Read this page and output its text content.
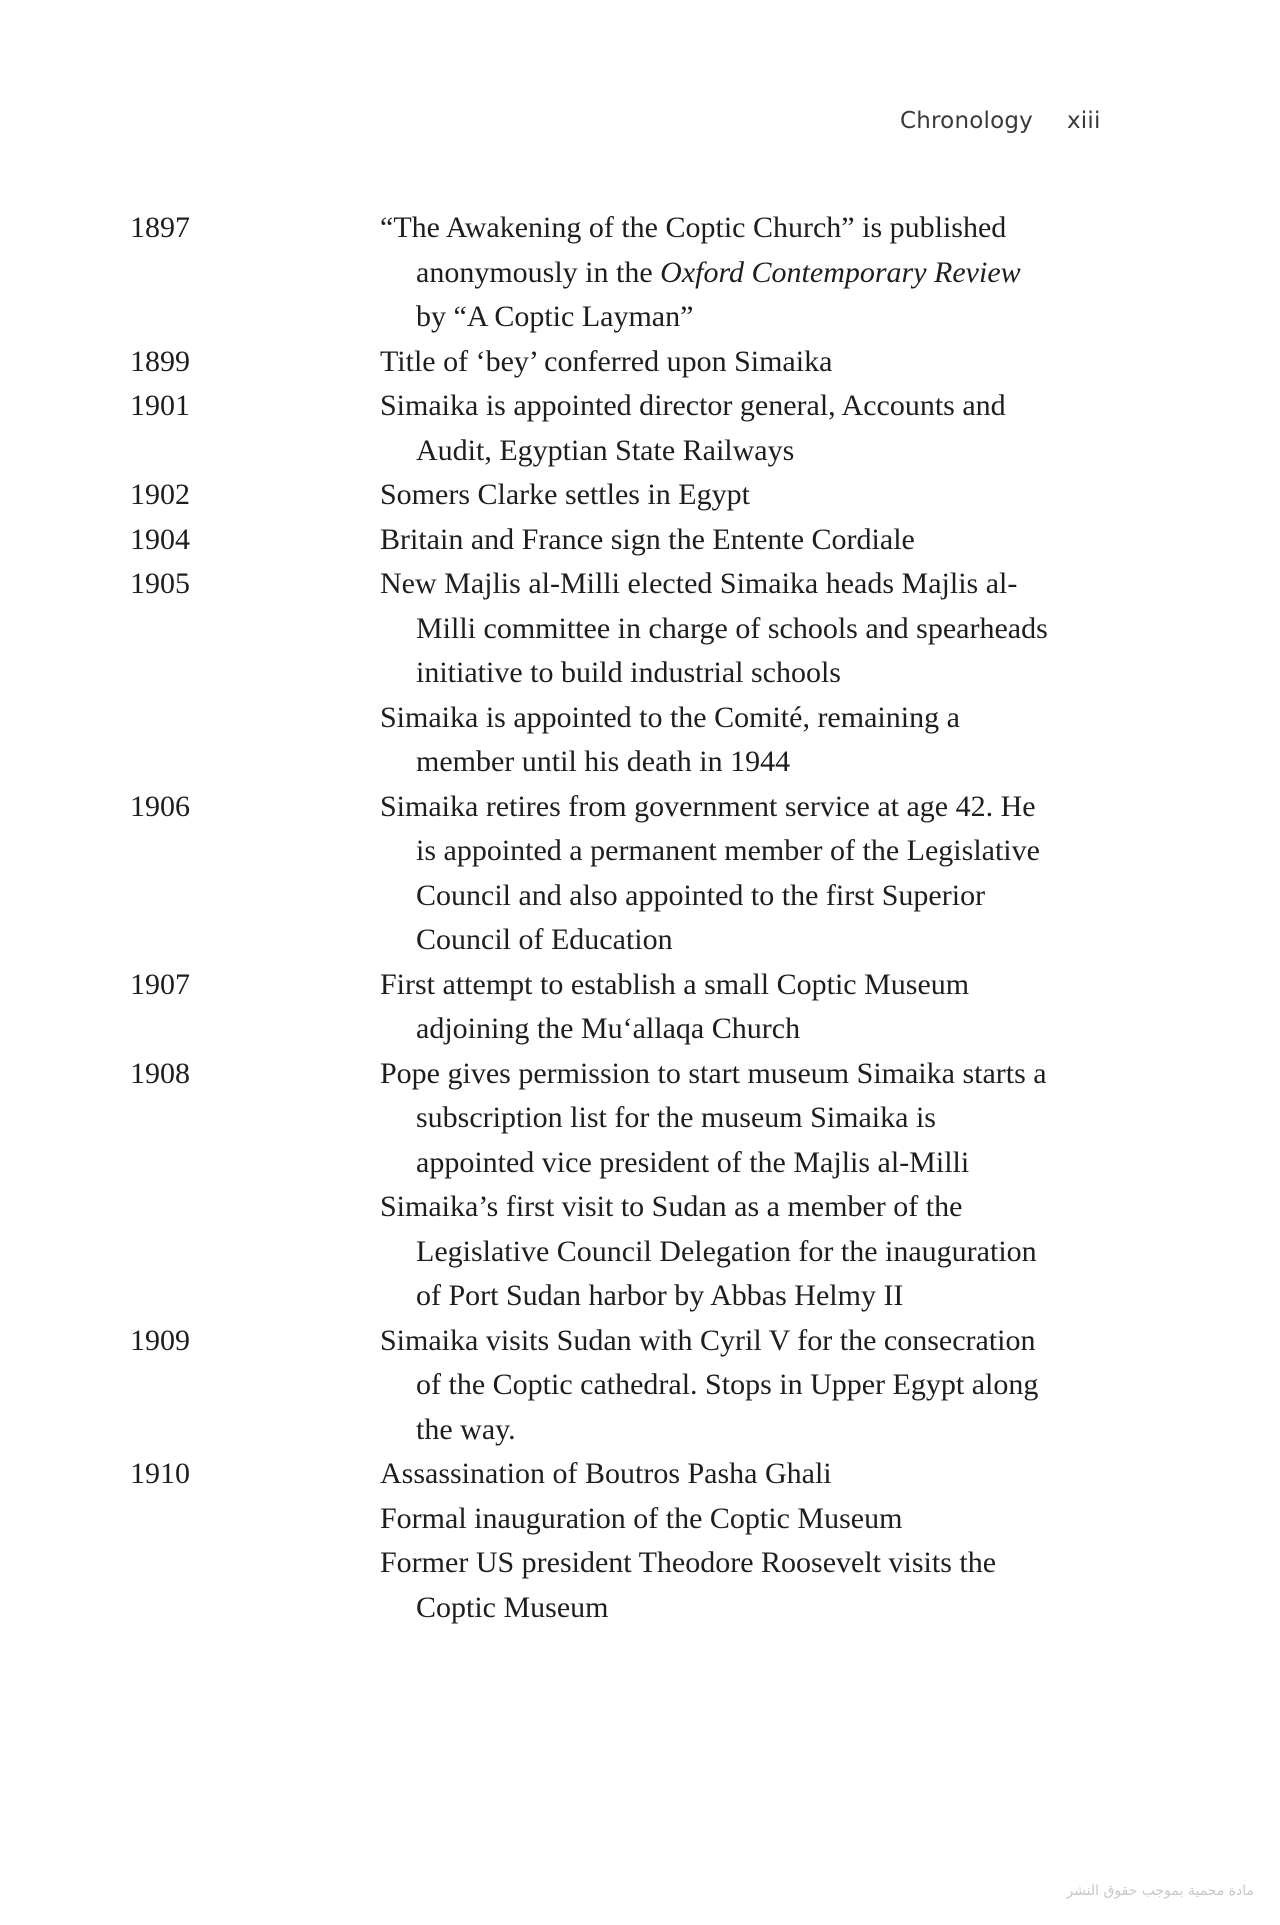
Chronology xiii
1897	“The Awakening of the Coptic Church” is published anonymously in the Oxford Contemporary Review by “A Coptic Layman”
1899	Title of ‘bey’ conferred upon Simaika
1901	Simaika is appointed director general, Accounts and Audit, Egyptian State Railways
1902	Somers Clarke settles in Egypt
1904	Britain and France sign the Entente Cordiale
1905	New Majlis al-Milli elected Simaika heads Majlis al-Milli committee in charge of schools and spearheads initiative to build industrial schools
Simaika is appointed to the Comité, remaining a member until his death in 1944
1906	Simaika retires from government service at age 42. He is appointed a permanent member of the Legislative Council and also appointed to the first Superior Council of Education
1907	First attempt to establish a small Coptic Museum adjoining the Mu‘allaqa Church
1908	Pope gives permission to start museum Simaika starts a subscription list for the museum Simaika is appointed vice president of the Majlis al-Milli
Simaika’s first visit to Sudan as a member of the Legislative Council Delegation for the inauguration of Port Sudan harbor by Abbas Helmy II
1909	Simaika visits Sudan with Cyril V for the consecration of the Coptic cathedral. Stops in Upper Egypt along the way.
1910	Assassination of Boutros Pasha Ghali
Formal inauguration of the Coptic Museum
Former US president Theodore Roosevelt visits the Coptic Museum
مادة محمية بموجب حقوق النشر
